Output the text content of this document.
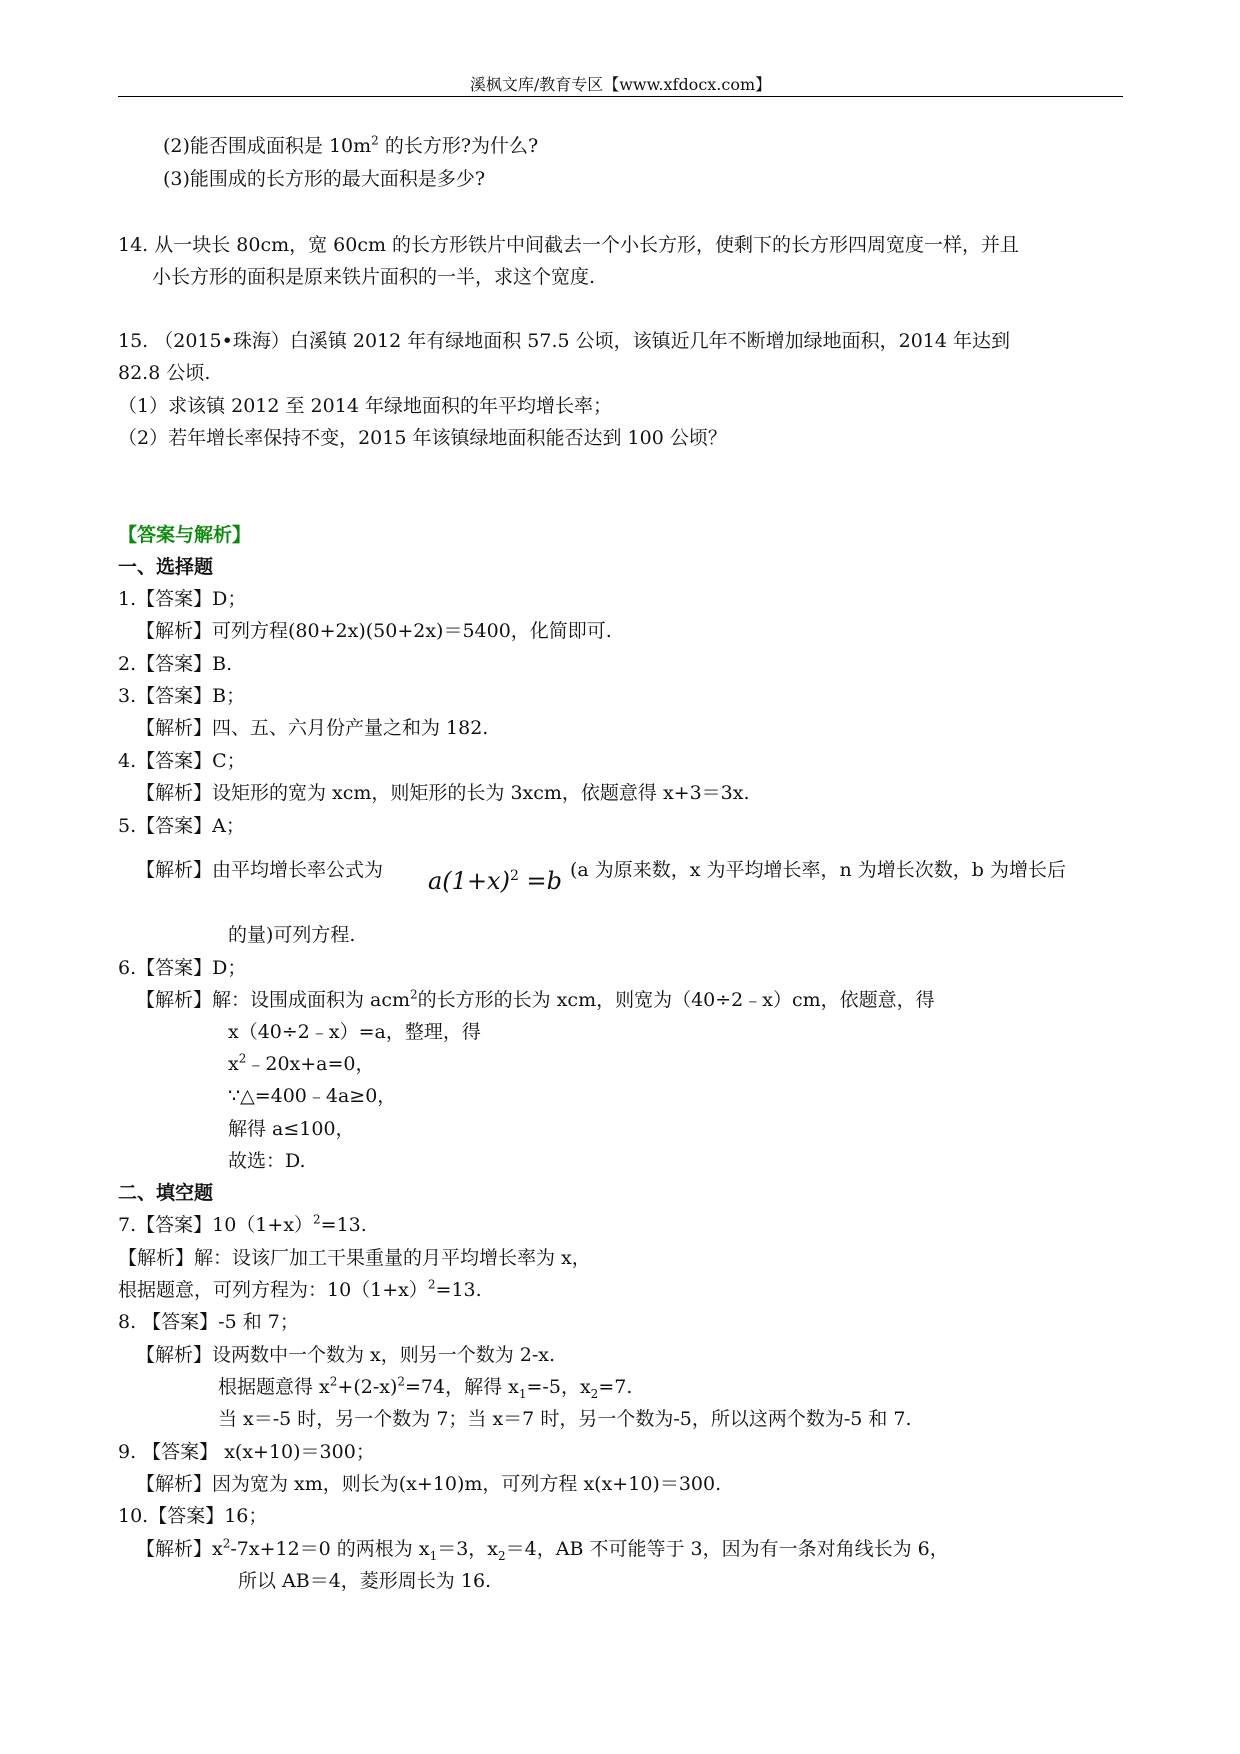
溪枫文库/教育专区【www.xfdocx.com】
(2)能否围成面积是 $10m^2$ 的长方形?为什么?
(3)能围成的长方形的最大面积是多少?
14. 从一块长 80cm，宽 60cm 的长方形铁片中间截去一个小长方形，使剩下的长方形四周宽度一样，并且
小长方形的面积是原来铁片面积的一半，求这个宽度.
15. （2015•珠海）白溪镇 2012 年有绿地面积 57.5 公顷，该镇近几年不断增加绿地面积，2014 年达到
82.8 公顷.
（1）求该镇 2012 至 2014 年绿地面积的年平均增长率；
（2）若年增长率保持不变，2015 年该镇绿地面积能否达到 100 公顷？
【答案与解析】
一、选择题
1.【答案】D；
【解析】可列方程(80+2x)(50+2x)＝5400，化简即可.
2.【答案】B.
3.【答案】B；
【解析】四、五、六月份产量之和为 182.
4.【答案】C；
【解析】设矩形的宽为 xcm，则矩形的长为 3xcm，依题意得 x+3＝3x.
5.【答案】A；
【解析】由平均增长率公式为 $a(1+x)^2 =b$ (a 为原来数，x 为平均增长率，n 为增长次数，b 为增长后
的量)可列方程.
6.【答案】D；
【解析】解：设围成面积为 acm$^2$的长方形的长为 xcm，则宽为（40÷2﹣x）cm，依题意，得
x（40÷2﹣x）=a，整理，得
$x^2﹣20x+a=0$，
∵△=400﹣4a≥0，
解得 a≤100，
故选：D.
二、填空题
7.【答案】$10(1+x)^2=13$.
【解析】解：设该厂加工干果重量的月平均增长率为 x，
根据题意，可列方程为：$10(1+x)^2=13$.
8. 【答案】-5 和 7；
【解析】设两数中一个数为 x，则另一个数为 2-x.
根据题意得 $x^2+(2-x)^2=74$，解得 $x_1=-5$，$x_2=7$.
当 x＝-5 时，另一个数为 7；当 x＝7 时，另一个数为-5，所以这两个数为-5 和 7.
9. 【答案】 x(x+10)＝300；
【解析】因为宽为 xm，则长为(x+10)m，可列方程 x(x+10)＝300.
10.【答案】16；
【解析】$x^2-7x+12=0$ 的两根为 $x_1=3$，$x_2=4$，AB 不可能等于 3，因为有一条对角线长为 6，
所以 AB＝4，菱形周长为 16.
